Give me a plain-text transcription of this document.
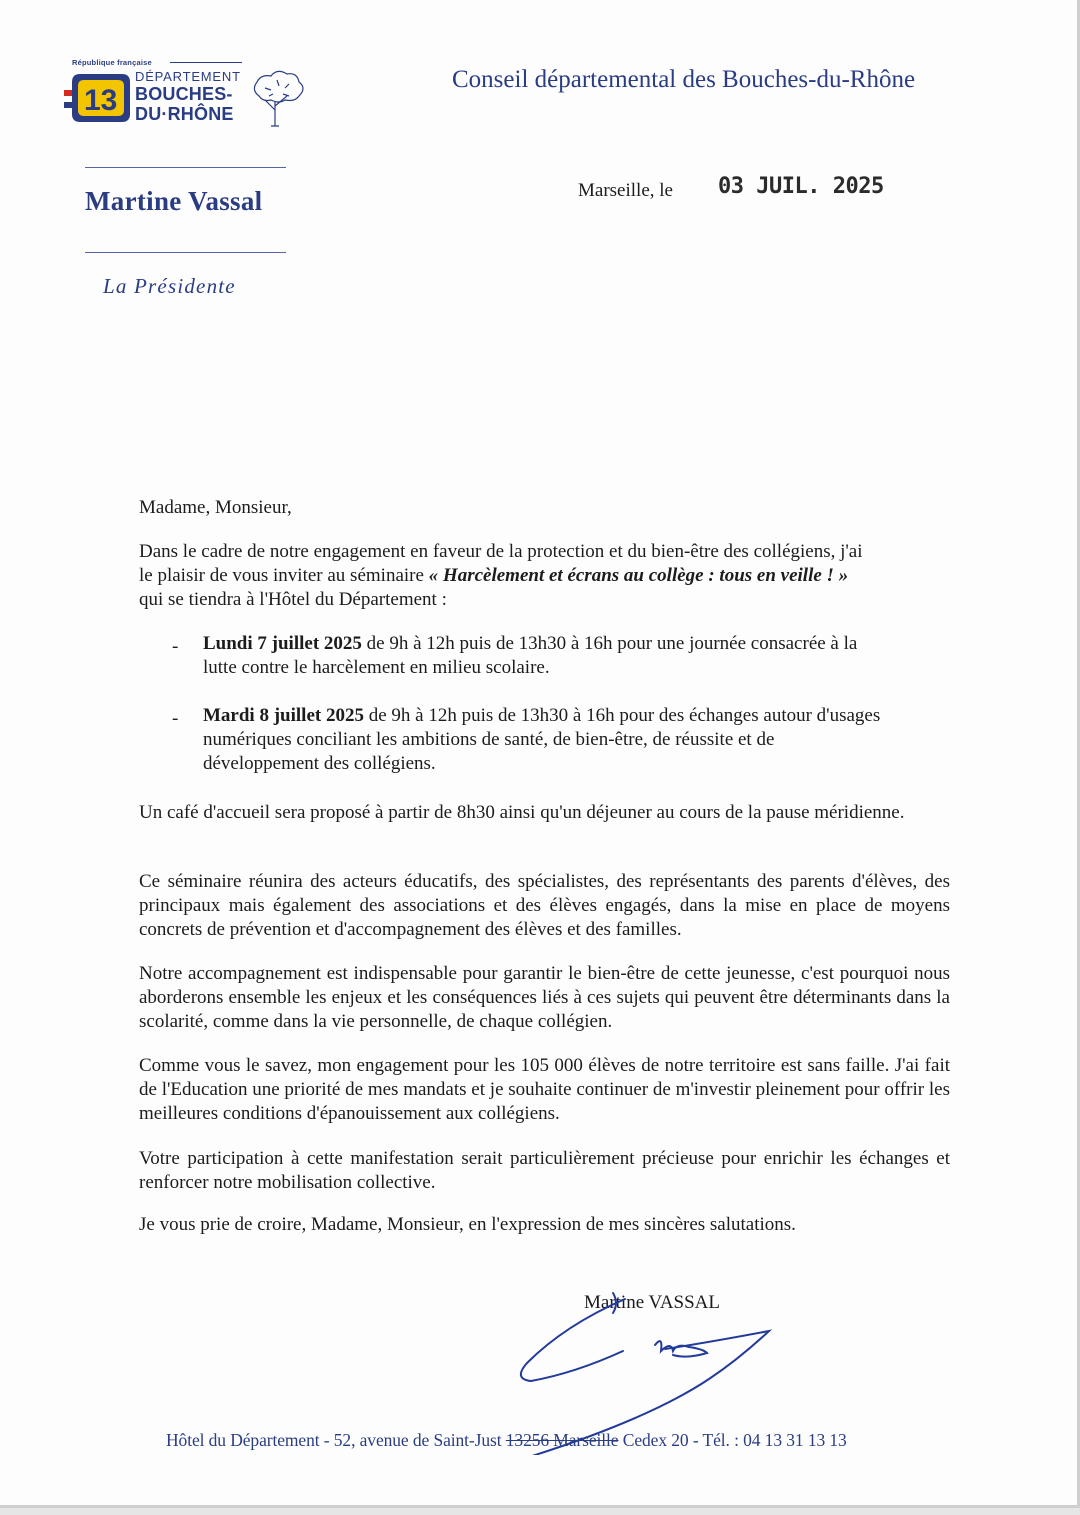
République française
13
DÉPARTEMENT
BOUCHES-
DU·RHÔNE
Conseil départemental des Bouches-du-Rhône
Martine Vassal
La Présidente
Marseille, le 03 JUIL. 2025
Madame, Monsieur,
Dans le cadre de notre engagement en faveur de la protection et du bien-être des collégiens, j'ai
le plaisir de vous inviter au séminaire « Harcèlement et écrans au collège : tous en veille ! »
qui se tiendra à l'Hôtel du Département :
- Lundi 7 juillet 2025 de 9h à 12h puis de 13h30 à 16h pour une journée consacrée à la
lutte contre le harcèlement en milieu scolaire.
- Mardi 8 juillet 2025 de 9h à 12h puis de 13h30 à 16h pour des échanges autour d'usages
numériques conciliant les ambitions de santé, de bien-être, de réussite et de
développement des collégiens.

Un café d'accueil sera proposé à partir de 8h30 ainsi qu'un déjeuner au cours de la pause méridienne.

Ce séminaire réunira des acteurs éducatifs, des spécialistes, des représentants des parents d'élèves, des principaux mais également des associations et des élèves engagés, dans la mise en place de moyens concrets de prévention et d'accompagnement des élèves et des familles.

Notre accompagnement est indispensable pour garantir le bien-être de cette jeunesse, c'est pourquoi nous aborderons ensemble les enjeux et les conséquences liés à ces sujets qui peuvent être déterminants dans la scolarité, comme dans la vie personnelle, de chaque collégien.

Comme vous le savez, mon engagement pour les 105 000 élèves de notre territoire est sans faille. J'ai fait de l'Education une priorité de mes mandats et je souhaite continuer de m'investir pleinement pour offrir les meilleures conditions d'épanouissement aux collégiens.

Votre participation à cette manifestation serait particulièrement précieuse pour enrichir les échanges et renforcer notre mobilisation collective.

Je vous prie de croire, Madame, Monsieur, en l'expression de mes sincères salutations.

Martine VASSAL
Hôtel du Département - 52, avenue de Saint-Just 13256 Marseille Cedex 20 - Tél. : 04 13 31 13 13
